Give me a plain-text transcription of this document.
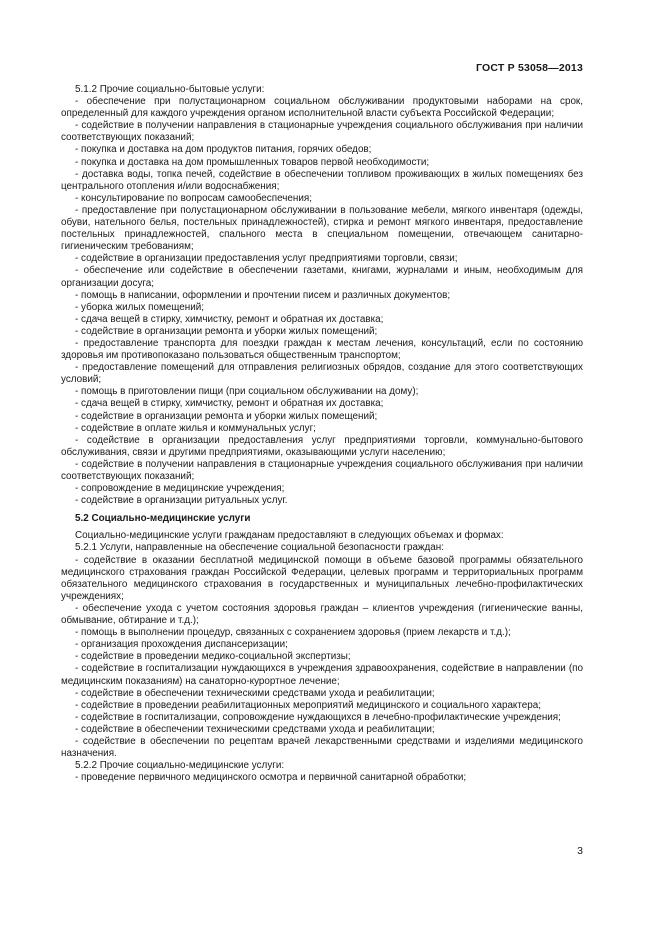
ГОСТ Р 53058—2013

5.1.2 Прочие социально-бытовые услуги:

- обеспечение при полустационарном социальном обслуживании продуктовыми наборами на срок, определенный для каждого учреждения органом исполнительной власти субъекта Российской Федерации;

- содействие в получении направления в стационарные учреждения социального обслуживания при наличии соответствующих показаний;

- покупка и доставка на дом продуктов питания, горячих обедов;

- покупка и доставка на дом промышленных товаров первой необходимости;

- доставка воды, топка печей, содействие в обеспечении топливом проживающих в жилых помещениях без центрального отопления и/или водоснабжения;

- консультирование по вопросам самообеспечения;

- предоставление при полустационарном обслуживании в пользование мебели, мягкого инвентаря (одежды, обуви, нательного белья, постельных принадлежностей), стирка и ремонт мягкого инвентаря, предоставление постельных принадлежностей, спального места в специальном помещении, отвечающем санитарно-гигиеническим требованиям;

- содействие в организации предоставления услуг предприятиями торговли, связи;

- обеспечение или содействие в обеспечении газетами, книгами, журналами и иным, необходимым для организации досуга;

- помощь в написании, оформлении и прочтении писем и различных документов;

- уборка жилых помещений;

- сдача вещей в стирку, химчистку, ремонт и обратная их доставка;

- содействие в организации ремонта и уборки жилых помещений;

- предоставление транспорта для поездки граждан к местам лечения, консультаций, если по состоянию здоровья им противопоказано пользоваться общественным транспортом;

- предоставление помещений для отправления религиозных обрядов, создание для этого соответствующих условий;

- помощь в приготовлении пищи (при социальном обслуживании на дому);

- сдача вещей в стирку, химчистку, ремонт и обратная их доставка;

- содействие в организации ремонта и уборки жилых помещений;

- содействие в оплате жилья и коммунальных услуг;

- содействие в организации предоставления услуг предприятиями торговли, коммунально-бытового обслуживания, связи и другими предприятиями, оказывающими услуги населению;

- содействие в получении направления в стационарные учреждения социального обслуживания при наличии соответствующих показаний;

- сопровождение в медицинские учреждения;

- содействие в организации ритуальных услуг.

5.2 Социально-медицинские услуги

Социально-медицинские услуги гражданам предоставляют в следующих объемах и формах:

5.2.1 Услуги, направленные на обеспечение социальной безопасности граждан:

- содействие в оказании бесплатной медицинской помощи в объеме базовой программы обязательного медицинского страхования граждан Российской Федерации, целевых программ и территориальных программ обязательного медицинского страхования в государственных и муниципальных лечебно-профилактических учреждениях;

- обеспечение ухода с учетом состояния здоровья граждан – клиентов учреждения (гигиенические ванны, обмывание, обтирание и т.д.);

- помощь в выполнении процедур, связанных с сохранением здоровья (прием лекарств и т.д.);

- организация прохождения диспансеризации;

- содействие в проведении медико-социальной экспертизы;

- содействие в госпитализации нуждающихся в учреждения здравоохранения, содействие в направлении (по медицинским показаниям) на санаторно-курортное лечение;

- содействие в обеспечении техническими средствами ухода и реабилитации;

- содействие в проведении реабилитационных мероприятий медицинского и социального характера;

- содействие в госпитализации, сопровождение нуждающихся в лечебно-профилактические учреждения;

- содействие в обеспечении техническими средствами ухода и реабилитации;

- содействие в обеспечении по рецептам врачей лекарственными средствами и изделиями медицинского назначения.

5.2.2 Прочие социально-медицинские услуги:

- проведение первичного медицинского осмотра и первичной санитарной обработки;

3
